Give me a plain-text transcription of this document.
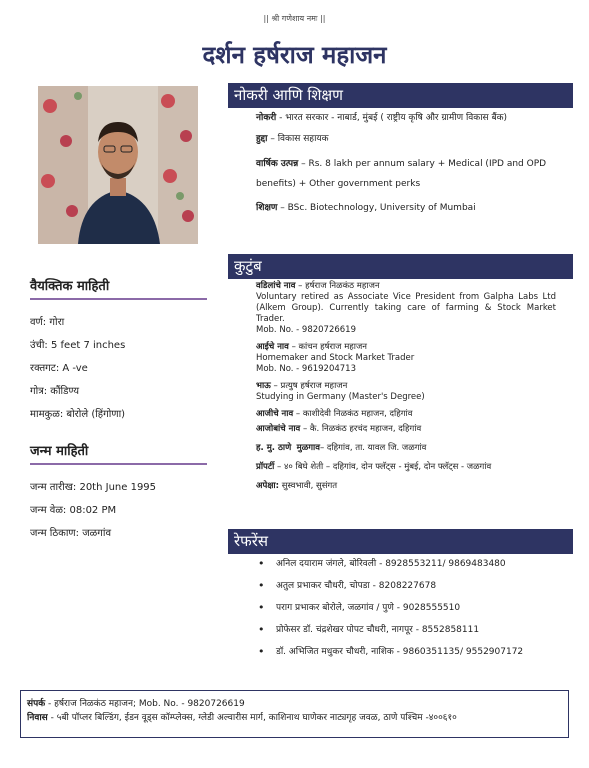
|| श्री गणेशाय नमः ||
दर्शन हर्षराज महाजन
वैयक्तिक माहिती
वर्ण: गोरा
उंची: 5 feet 7 inches
रक्तगट: A -ve
गोत्र: कौंडिण्य
मामकुळ: बोरोले (हिंगोणा)
जन्म माहिती
जन्म तारीख: 20th June 1995
जन्म वेळ: 08:02 PM
जन्म ठिकाण: जळगांव
नोकरी आणि शिक्षण
नोकरी - भारत सरकार - नाबार्ड, मुंबई ( राष्ट्रीय कृषि और ग्रामीण विकास बैंक)
हुद्दा – विकास सहायक
वार्षिक उत्पन्न – Rs. 8 lakh per annum salary + Medical (IPD and OPD benefits) + Other government perks
शिक्षण – BSc. Biotechnology, University of Mumbai
कुटुंब
वडिलांचे नाव – हर्षराज निळकंठ महाजन
Voluntary retired as Associate Vice President from Galpha Labs Ltd (Alkem Group). Currently taking care of farming & Stock Market Trader.
Mob. No. - 9820726619
आईचे नाव – कांचन हर्षराज महाजन
Homemaker and Stock Market Trader
Mob. No. - 9619204713
भाऊ – प्रत्युष हर्षराज महाजन
Studying in Germany (Master's Degree)
आजीचे नाव – काशीदेवी निळकंठ महाजन, दहिगांव
आजोबांचे नाव – कै. निळकंठ हरचंद महाजन, दहिगांव
ह. मु. ठाणे मुळगाव– दहिगांव, ता. यावल जि. जळगांव
प्रॉपर्टी – ४० बिघे शेती – दहिगांव, दोन फ्लॅट्स - मुंबई, दोन फ्लॅट्स - जळगांव
अपेक्षा: सुस्वभावी, सुसंगत
रेफरेंस
• अनिल दयाराम जंगले, बोरिवली - 8928553211/ 9869483480
• अतुल प्रभाकर चौधरी, चोपडा - 8208227678
• पराग प्रभाकर बोरोले, जळगांव / पुणे - 9028555510
• प्रोफेसर डॉ. चंद्रशेखर पोपट चौधरी, नागपूर - 8552858111
• डॉ. अभिजित मधुकर चौधरी, नाशिक - 9860351135/ 9552907172
संपर्क - हर्षराज निळकंठ महाजन; Mob. No. - 9820726619
निवास - ५बी पॉप्लर बिल्डिंग, ईडन वूड्स कॉम्प्लेक्स, ग्लेडी अल्वारीस मार्ग, काशिनाथ घाणेकर नाट्यगृह जवळ, ठाणे पश्चिम -४००६१०
